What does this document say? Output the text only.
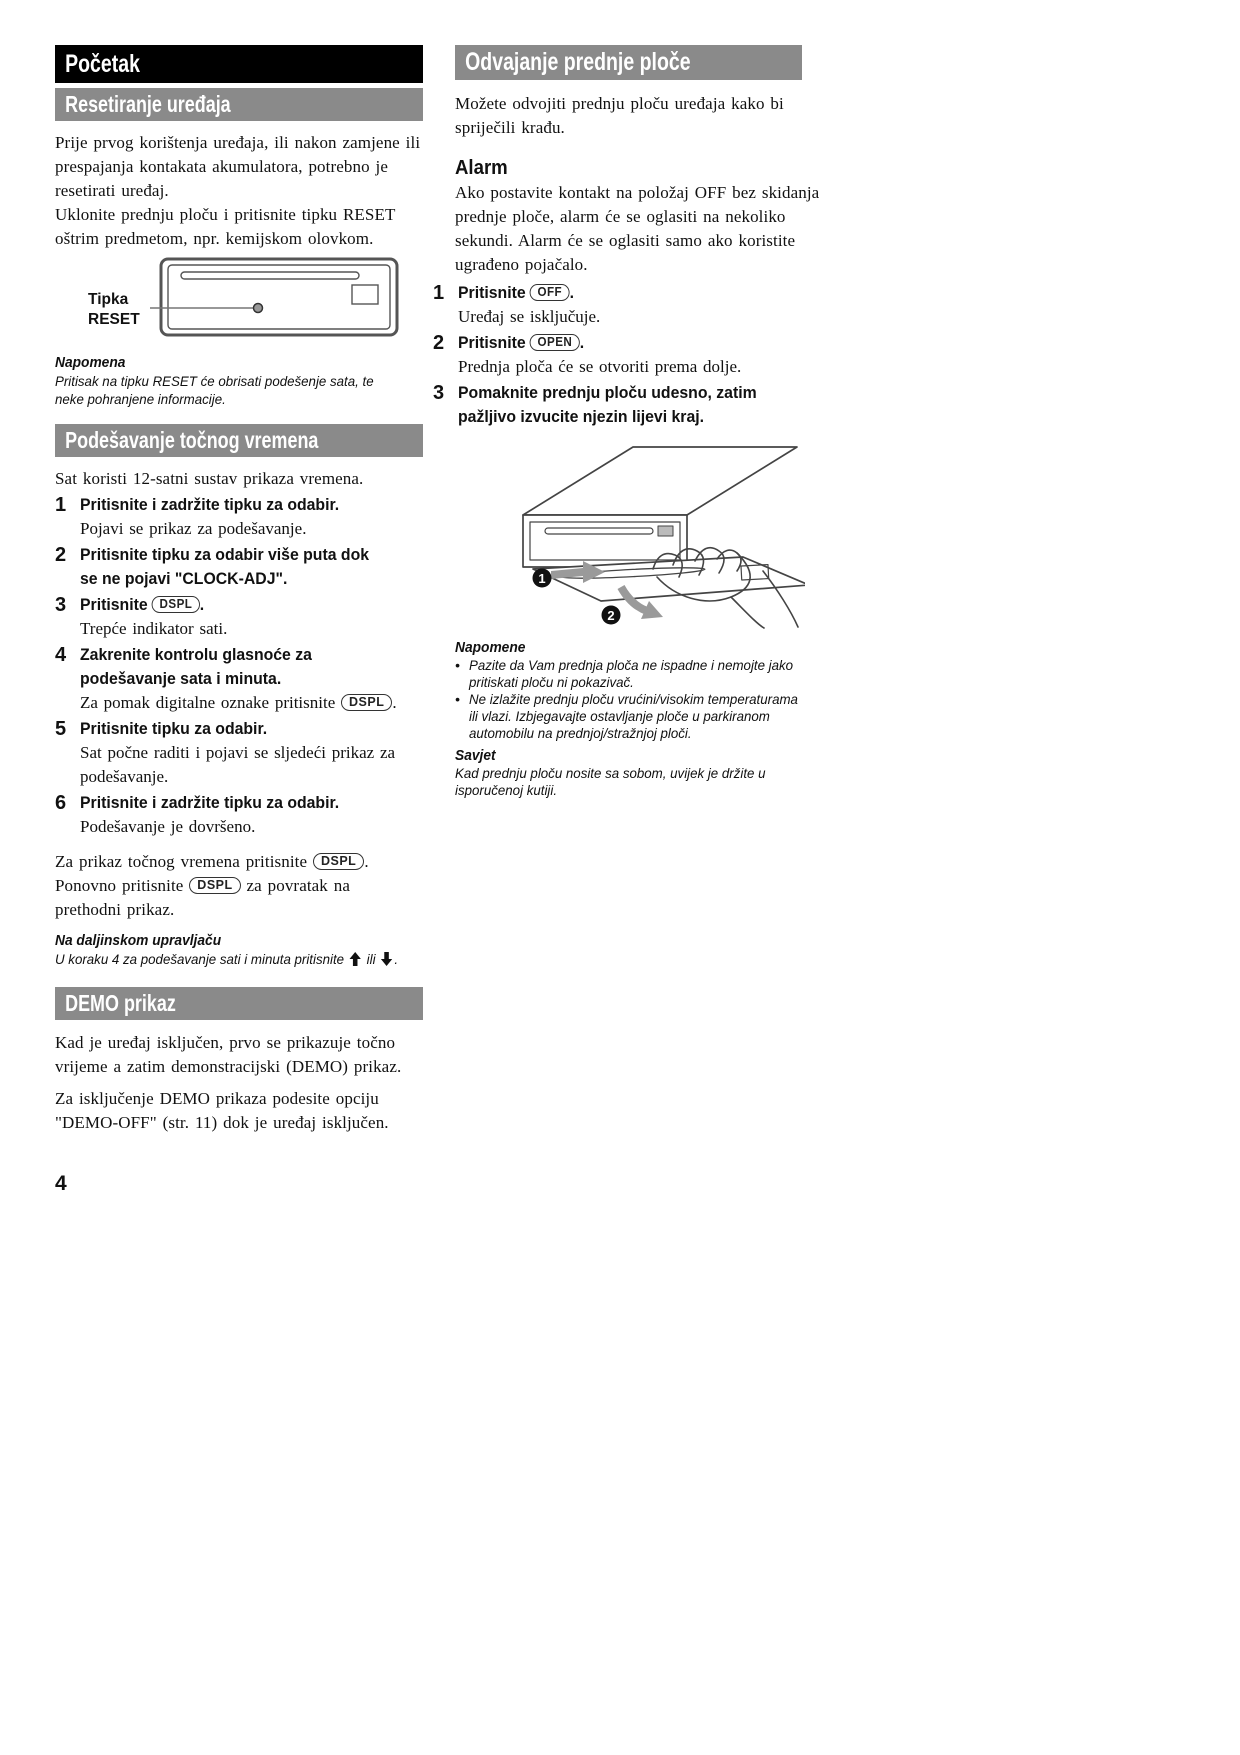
Početak
Resetiranje uređaja
Prije prvog korištenja uređaja, ili nakon zamjene ili
prespajanja kontakata akumulatora, potrebno je
resetirati uređaj.
Uklonite prednju ploču i pritisnite tipku RESET
oštrim predmetom, npr. kemijskom olovkom.
Tipka
RESET
Napomena
Pritisak na tipku RESET će obrisati podešenje sata, te
neke pohranjene informacije.
Podešavanje točnog vremena
Sat koristi 12-satni sustav prikaza vremena.
1 Pritisnite i zadržite tipku za odabir.
Pojavi se prikaz za podešavanje.
2 Pritisnite tipku za odabir više puta dok
se ne pojavi "CLOCK-ADJ".
3 Pritisnite DSPL .
Trepće indikator sati.
4 Zakrenite kontrolu glasnoće za
podešavanje sata i minuta.
Za pomak digitalne oznake pritisnite DSPL .
5 Pritisnite tipku za odabir.
Sat počne raditi i pojavi se sljedeći prikaz za
podešavanje.
6 Pritisnite i zadržite tipku za odabir.
Podešavanje je dovršeno.
Za prikaz točnog vremena pritisnite DSPL .
Ponovno pritisnite DSPL za povratak na
prethodni prikaz.
Na daljinskom upravljaču
U koraku 4 za podešavanje sati i minuta pritisnite ili .
DEMO prikaz
Kad je uređaj isključen, prvo se prikazuje točno
vrijeme a zatim demonstracijski (DEMO) prikaz.
Za isključenje DEMO prikaza podesite opciju
"DEMO-OFF" (str. 11) dok je uređaj isključen.
Odvajanje prednje ploče
Možete odvojiti prednju ploču uređaja kako bi
spriječili krađu.
Alarm
Ako postavite kontakt na položaj OFF bez skidanja
prednje ploče, alarm će se oglasiti na nekoliko
sekundi. Alarm će se oglasiti samo ako koristite
ugrađeno pojačalo.
1 Pritisnite OFF .
Uređaj se isključuje.
2 Pritisnite OPEN .
Prednja ploča će se otvoriti prema dolje.
3 Pomaknite prednju ploču udesno, zatim
pažljivo izvucite njezin lijevi kraj.
1
2
Napomene
• Pazite da Vam prednja ploča ne ispadne i nemojte jako
pritiskati ploču ni pokazivač.
• Ne izlažite prednju ploču vrućini/visokim temperaturama
ili vlazi. Izbjegavajte ostavljanje ploče u parkiranom
automobilu na prednjoj/stražnjoj ploči.
Savjet
Kad prednju ploču nosite sa sobom, uvijek je držite u
isporučenoj kutiji.
4
